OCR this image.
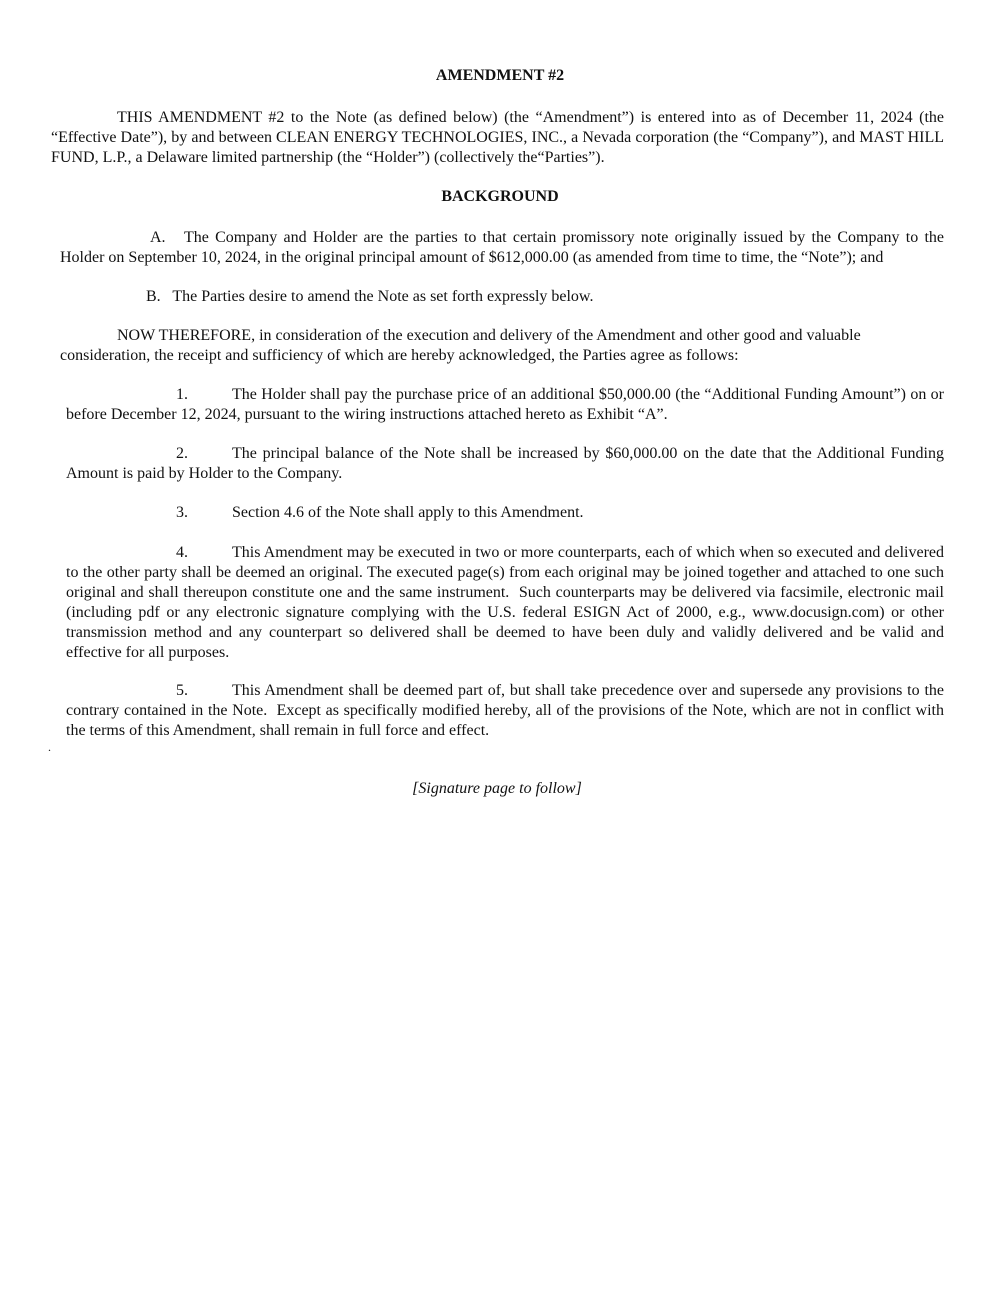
AMENDMENT #2
THIS AMENDMENT #2 to the Note (as defined below) (the “Amendment”) is entered into as of December 11, 2024 (the “Effective Date”), by and between CLEAN ENERGY TECHNOLOGIES, INC., a Nevada corporation (the “Company”), and MAST HILL FUND, L.P., a Delaware limited partnership (the “Holder”) (collectively the“Parties”).
BACKGROUND
A.   The Company and Holder are the parties to that certain promissory note originally issued by the Company to the Holder on September 10, 2024, in the original principal amount of $612,000.00 (as amended from time to time, the “Note”); and
B.   The Parties desire to amend the Note as set forth expressly below.
NOW THEREFORE, in consideration of the execution and delivery of the Amendment and other good and valuable consideration, the receipt and sufficiency of which are hereby acknowledged, the Parties agree as follows:
1.	The Holder shall pay the purchase price of an additional $50,000.00 (the “Additional Funding Amount”) on or before December 12, 2024, pursuant to the wiring instructions attached hereto as Exhibit “A”.
2.	The principal balance of the Note shall be increased by $60,000.00 on the date that the Additional Funding Amount is paid by Holder to the Company.
3.	Section 4.6 of the Note shall apply to this Amendment.
4.	This Amendment may be executed in two or more counterparts, each of which when so executed and delivered to the other party shall be deemed an original. The executed page(s) from each original may be joined together and attached to one such original and shall thereupon constitute one and the same instrument.  Such counterparts may be delivered via facsimile, electronic mail (including pdf or any electronic signature complying with the U.S. federal ESIGN Act of 2000, e.g., www.docusign.com) or other transmission method and any counterpart so delivered shall be deemed to have been duly and validly delivered and be valid and effective for all purposes.
5.	This Amendment shall be deemed part of, but shall take precedence over and supersede any provisions to the contrary contained in the Note.  Except as specifically modified hereby, all of the provisions of the Note, which are not in conflict with the terms of this Amendment, shall remain in full force and effect.
.
[Signature page to follow]
